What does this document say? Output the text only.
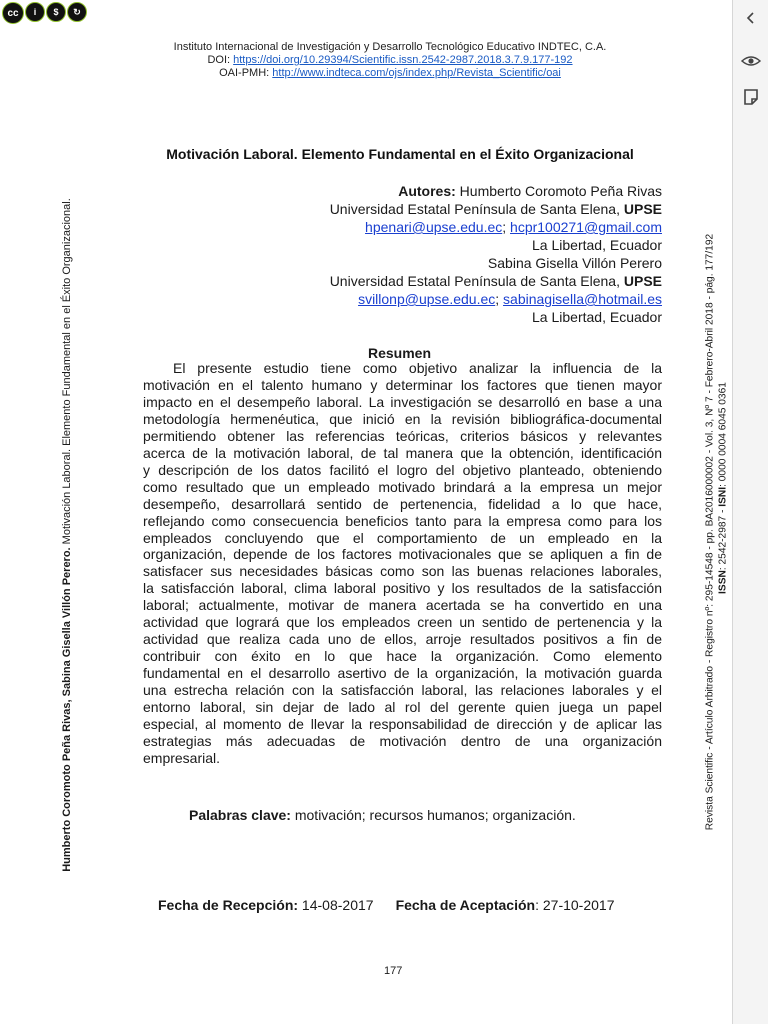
cc	i	$	↻
Instituto Internacional de Investigación y Desarrollo Tecnológico Educativo INDTEC, C.A.
DOI: https://doi.org/10.29394/Scientific.issn.2542-2987.2018.3.7.9.177-192
OAI-PMH: http://www.indteca.com/ojs/index.php/Revista_Scientific/oai
Motivación Laboral. Elemento Fundamental en el Éxito Organizacional
Autores: Humberto Coromoto Peña Rivas
Universidad Estatal Península de Santa Elena, UPSE
hpenari@upse.edu.ec; hcpr100271@gmail.com
La Libertad, Ecuador
Sabina Gisella Villón Perero
Universidad Estatal Península de Santa Elena, UPSE
svillonp@upse.edu.ec; sabinagisella@hotmail.es
La Libertad, Ecuador
Resumen
El presente estudio tiene como objetivo analizar la influencia de la
motivación en el talento humano y determinar los factores que tienen mayor
impacto en el desempeño laboral. La investigación se desarrolló en base a una
metodología hermenéutica, que inició en la revisión bibliográfica-documental
permitiendo obtener las referencias teóricas, criterios básicos y relevantes
acerca de la motivación laboral, de tal manera que la obtención, identificación
y descripción de los datos facilitó el logro del objetivo planteado, obteniendo
como resultado que un empleado motivado brindará a la empresa un mejor
desempeño, desarrollará sentido de pertenencia, fidelidad a lo que hace,
reflejando como consecuencia beneficios tanto para la empresa como para los
empleados concluyendo que el comportamiento de un empleado en la
organización, depende de los factores motivacionales que se apliquen a fin de
satisfacer sus necesidades básicas como son las buenas relaciones laborales,
la satisfacción laboral, clima laboral positivo y los resultados de la satisfacción
laboral; actualmente, motivar de manera acertada se ha convertido en una
actividad que logrará que los empleados creen un sentido de pertenencia y la
actividad que realiza cada uno de ellos, arroje resultados positivos a fin de
contribuir con éxito en lo que hace la organización. Como elemento
fundamental en el desarrollo asertivo de la organización, la motivación guarda
una estrecha relación con la satisfacción laboral, las relaciones laborales y el
entorno laboral, sin dejar de lado al rol del gerente quien juega un papel
especial, al momento de llevar la responsabilidad de dirección y de aplicar las
estrategias más adecuadas de motivación dentro de una organización
empresarial.
Palabras clave: motivación; recursos humanos; organización.
Fecha de Recepción: 14-08-2017 Fecha de Aceptación: 27-10-2017
177
Humberto Coromoto Peña Rivas, Sabina Gisella Villón Perero. Motivación Laboral. Elemento Fundamental en el Éxito Organizacional.	Revista Scientific - Artículo Arbitrado - Registro nº: 295-14548 - pp. BA2016000002 - Vol. 3, Nº 7 - Febrero-Abril 2018 - pág. 177/192 ISSN: 2542-2987 - ISNI: 0000 0004 6045 0361
